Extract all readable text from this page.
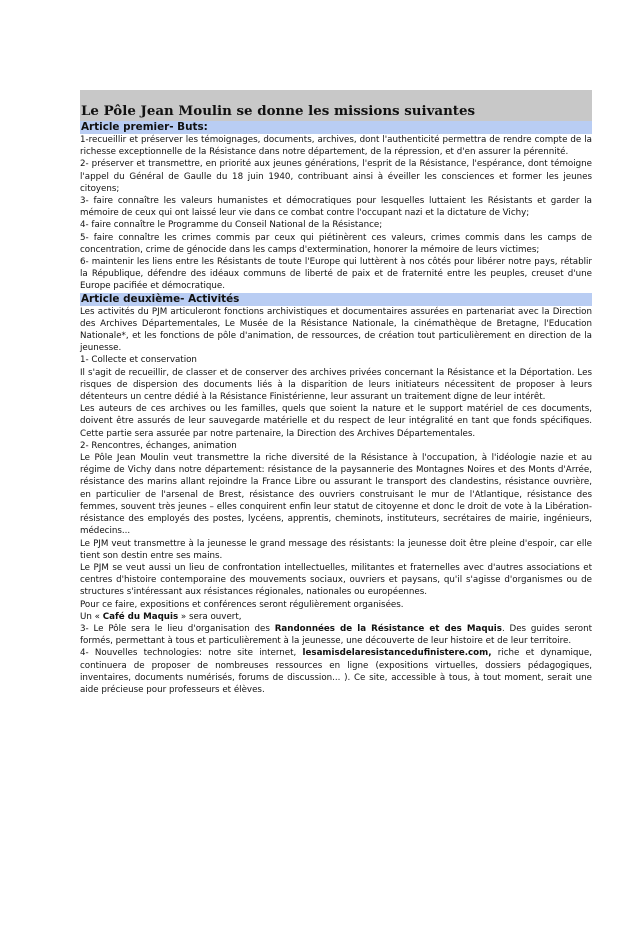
Le Pôle Jean Moulin se donne les missions suivantes
Article premier- Buts:

1-recueillir et préserver les témoignages, documents, archives, dont l'authenticité permettra de rendre compte de la richesse exceptionnelle de la Résistance dans notre département, de la répression, et d'en assurer la pérennité.

2- préserver et transmettre, en priorité aux jeunes générations, l'esprit de la Résistance, l'espérance, dont témoigne l'appel du Général de Gaulle du 18 juin 1940, contribuant ainsi à éveiller les consciences et former les jeunes citoyens;

3- faire connaître les valeurs humanistes et démocratiques pour lesquelles luttaient les Résistants et garder la mémoire de ceux qui ont laissé leur vie dans ce combat contre l'occupant nazi et la dictature de Vichy;

4- faire connaître le Programme du Conseil National de la Résistance;

5- faire connaître les crimes commis par ceux qui piétinèrent ces valeurs, crimes commis dans les camps de concentration, crime de génocide dans les camps d'extermination, honorer la mémoire de leurs victimes;

6- maintenir les liens entre les Résistants de toute l'Europe qui luttèrent à nos côtés pour libérer notre pays, rétablir la République, défendre des idéaux communs de liberté de paix et de fraternité entre les peuples, creuset d'une Europe pacifiée et démocratique.

Article deuxième- Activités

Les activités du PJM articuleront fonctions archivistiques et documentaires assurées en partenariat avec la Direction des Archives Départementales, Le Musée de la Résistance Nationale, la cinémathèque de Bretagne, l'Education Nationale*, et les fonctions de pôle d'animation, de ressources, de création tout particulièrement en direction de la jeunesse.

1- Collecte et conservation

Il s'agit de recueillir, de classer et de conserver des archives privées concernant la Résistance et la Déportation. Les risques de dispersion des documents liés à la disparition de leurs initiateurs nécessitent de proposer à leurs détenteurs un centre dédié à la Résistance Finistérienne, leur assurant un traitement digne de leur intérêt.

Les auteurs de ces archives ou les familles, quels que soient la nature et le support matériel de ces documents, doivent être assurés de leur sauvegarde matérielle et du respect de leur intégralité en tant que fonds spécifiques. Cette partie sera assurée par notre partenaire, la Direction des Archives Départementales.

2- Rencontres, échanges, animation

Le Pôle Jean Moulin veut transmettre la riche diversité de la Résistance à l'occupation, à l'idéologie nazie et au régime de Vichy dans notre département: résistance de la paysannerie des Montagnes Noires et des Monts d'Arrée, résistance des marins allant rejoindre la France Libre ou assurant le transport des clandestins, résistance ouvrière, en particulier de l'arsenal de Brest, résistance des ouvriers construisant le mur de l'Atlantique, résistance des femmes, souvent très jeunes – elles conquirent enfin leur statut de citoyenne et donc le droit de vote à la Libération- résistance des employés des postes, lycéens, apprentis, cheminots, instituteurs, secrétaires de mairie, ingénieurs, médecins...

Le PJM veut transmettre à la jeunesse le grand message des résistants: la jeunesse doit être pleine d'espoir, car elle tient son destin entre ses mains.

Le PJM se veut aussi un lieu de confrontation intellectuelles, militantes et fraternelles avec d'autres associations et centres d'histoire contemporaine des mouvements sociaux, ouvriers et paysans, qu'il s'agisse d'organismes ou de structures s'intéressant aux résistances régionales, nationales ou européennes.

Pour ce faire, expositions et conférences seront régulièrement organisées.

Un « Café du Maquis » sera ouvert,

3- Le Pôle sera le lieu d'organisation des Randonnées de la Résistance et des Maquis. Des guides seront formés, permettant à tous et particulièrement à la jeunesse, une découverte de leur histoire et de leur territoire.

4- Nouvelles technologies: notre site internet, lesamisdelaresistancedufinistere.com, riche et dynamique, continuera de proposer de nombreuses ressources en ligne (expositions virtuelles, dossiers pédagogiques, inventaires, documents numérisés, forums de discussion... ). Ce site, accessible à tous, à tout moment, serait une aide précieuse pour professeurs et élèves.
